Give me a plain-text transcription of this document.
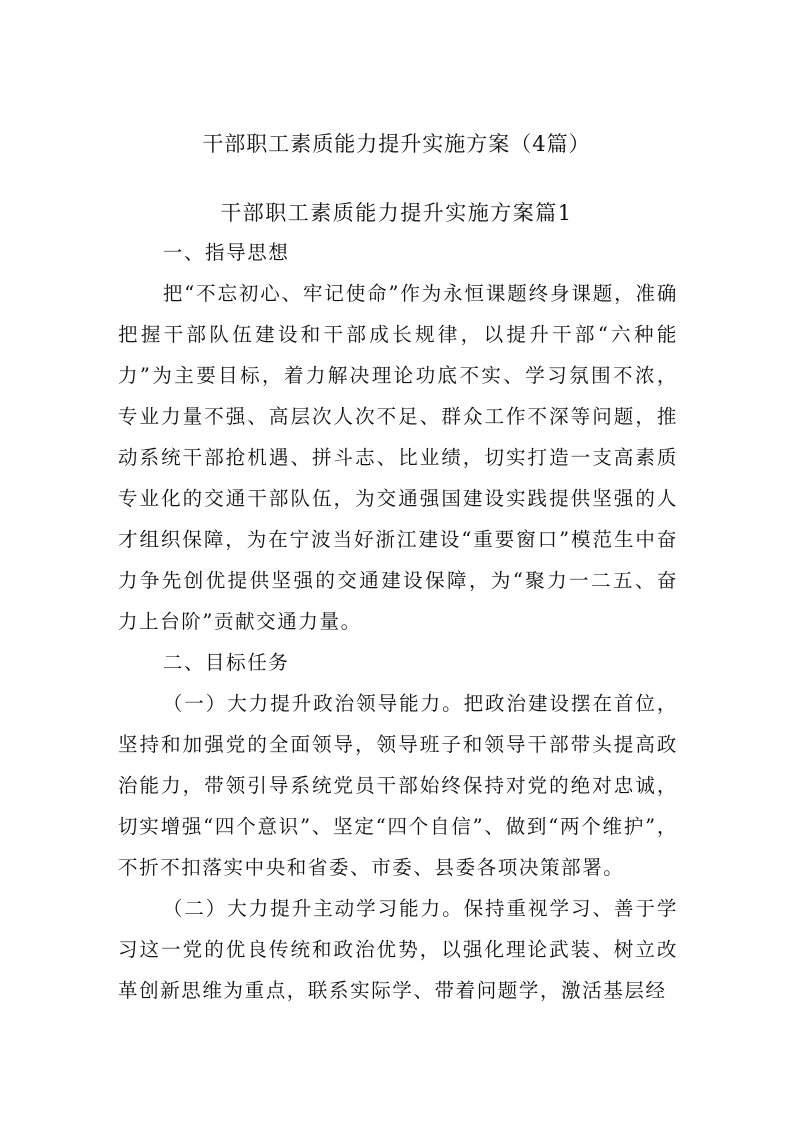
干部职工素质能力提升实施方案（4篇）
干部职工素质能力提升实施方案篇1

一、指导思想

把“不忘初心、牢记使命”作为永恒课题终身课题，准确把握干部队伍建设和干部成长规律，以提升干部“六种能力”为主要目标，着力解决理论功底不实、学习氛围不浓，专业力量不强、高层次人次不足、群众工作不深等问题，推动系统干部抢机遇、拼斗志、比业绩，切实打造一支高素质专业化的交通干部队伍，为交通强国建设实践提供坚强的人才组织保障，为在宁波当好浙江建设“重要窗口”模范生中奋力争先创优提供坚强的交通建设保障，为“聚力一二五、奋力上台阶”贡献交通力量。

二、目标任务

（一）大力提升政治领导能力。把政治建设摆在首位，坚持和加强党的全面领导，领导班子和领导干部带头提高政治能力，带领引导系统党员干部始终保持对党的绝对忠诚，切实增强“四个意识”、坚定“四个自信”、做到“两个维护”，不折不扣落实中央和省委、市委、县委各项决策部署。

（二）大力提升主动学习能力。保持重视学习、善于学习这一党的优良传统和政治优势，以强化理论武装、树立改革创新思维为重点，联系实际学、带着问题学，激活基层经
